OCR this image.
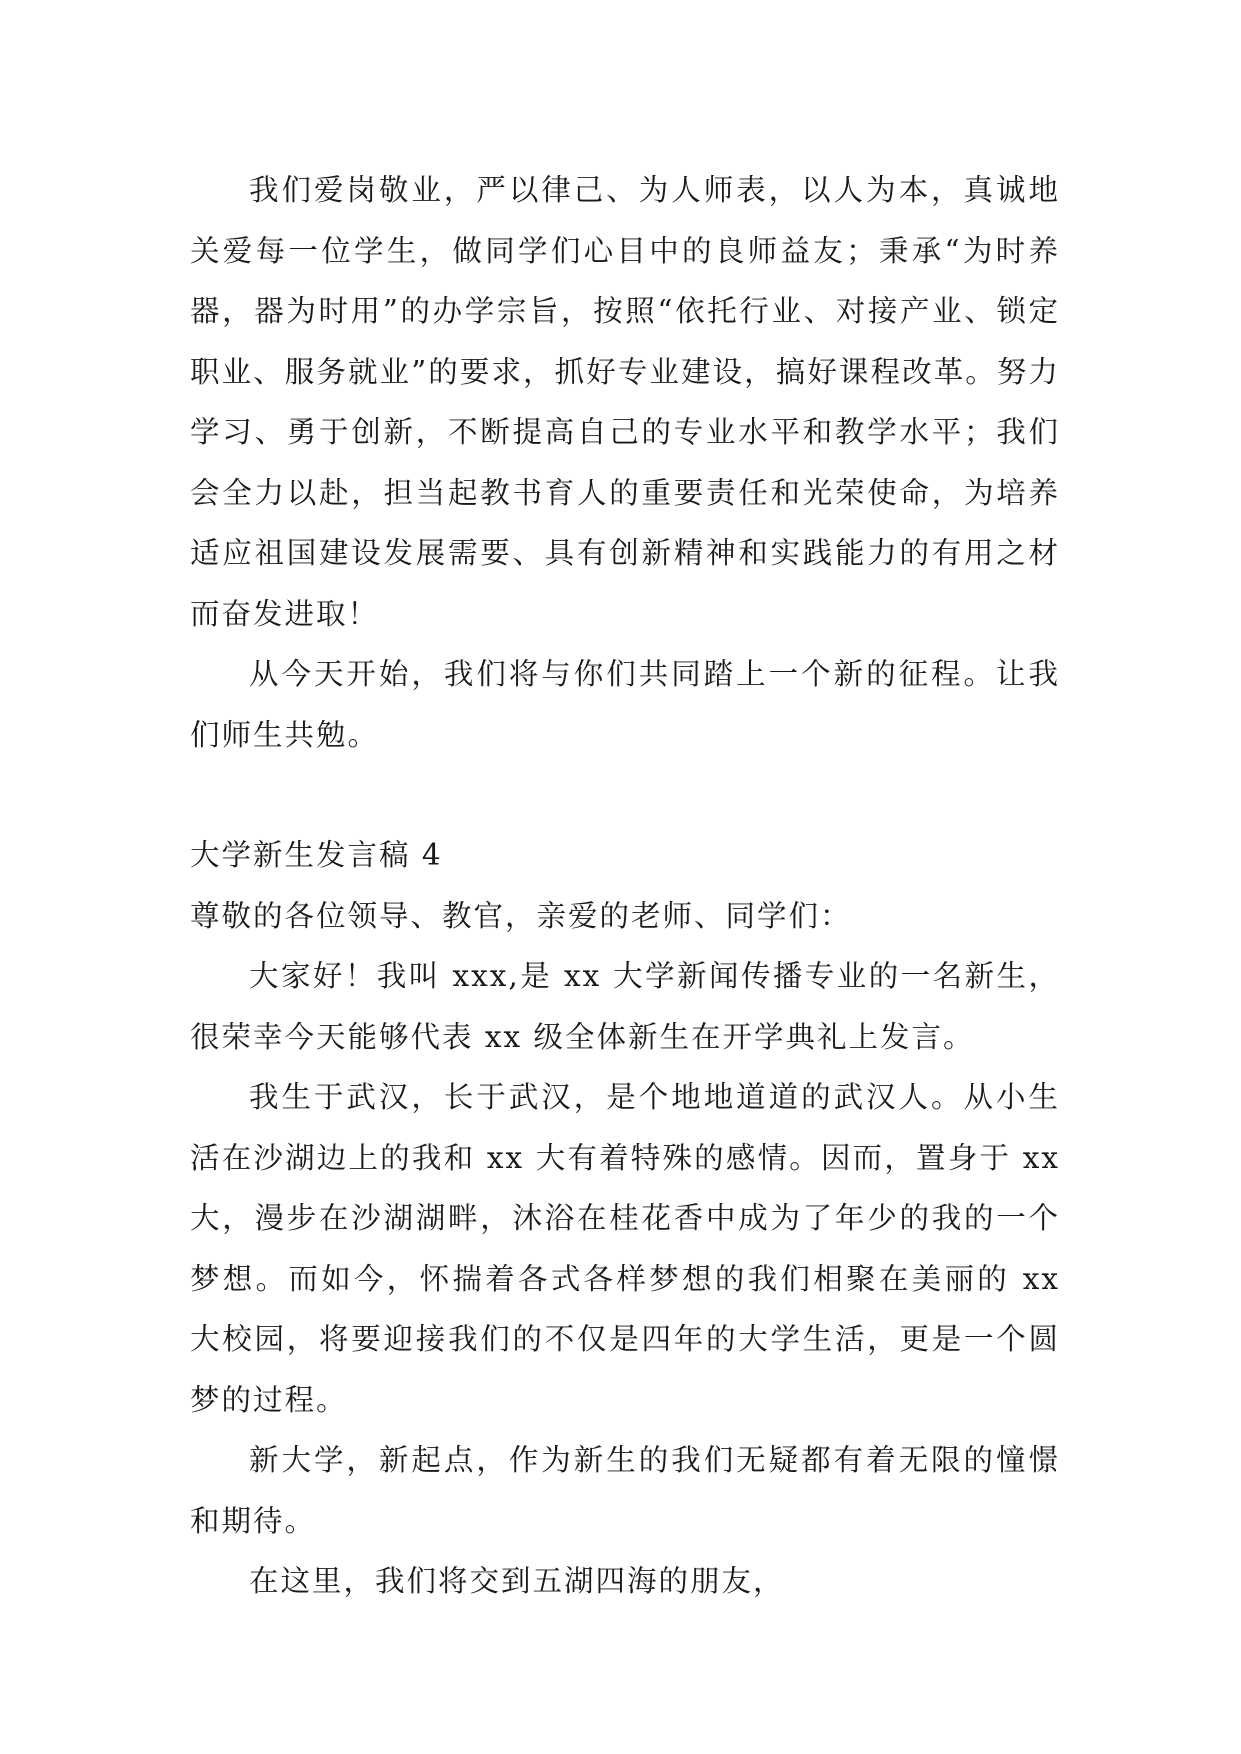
我们爱岗敬业，严以律己、为人师表，以人为本，真诚地关爱每一位学生，做同学们心目中的良师益友；秉承“为时养器，器为时用”的办学宗旨，按照“依托行业、对接产业、锁定职业、服务就业”的要求，抓好专业建设，搞好课程改革。努力学习、勇于创新，不断提高自己的专业水平和教学水平；我们会全力以赴，担当起教书育人的重要责任和光荣使命，为培养适应祖国建设发展需要、具有创新精神和实践能力的有用之材而奋发进取！

从今天开始，我们将与你们共同踏上一个新的征程。让我们师生共勉。

大学新生发言稿 4

尊敬的各位领导、教官，亲爱的老师、同学们：

大家好！我叫 xxx,是 xx 大学新闻传播专业的一名新生，很荣幸今天能够代表 xx 级全体新生在开学典礼上发言。

我生于武汉，长于武汉，是个地地道道的武汉人。从小生活在沙湖边上的我和 xx 大有着特殊的感情。因而，置身于 xx 大，漫步在沙湖湖畔，沐浴在桂花香中成为了年少的我的一个梦想。而如今，怀揣着各式各样梦想的我们相聚在美丽的 xx 大校园，将要迎接我们的不仅是四年的大学生活，更是一个圆梦的过程。

新大学，新起点，作为新生的我们无疑都有着无限的憧憬和期待。

在这里，我们将交到五湖四海的朋友，
